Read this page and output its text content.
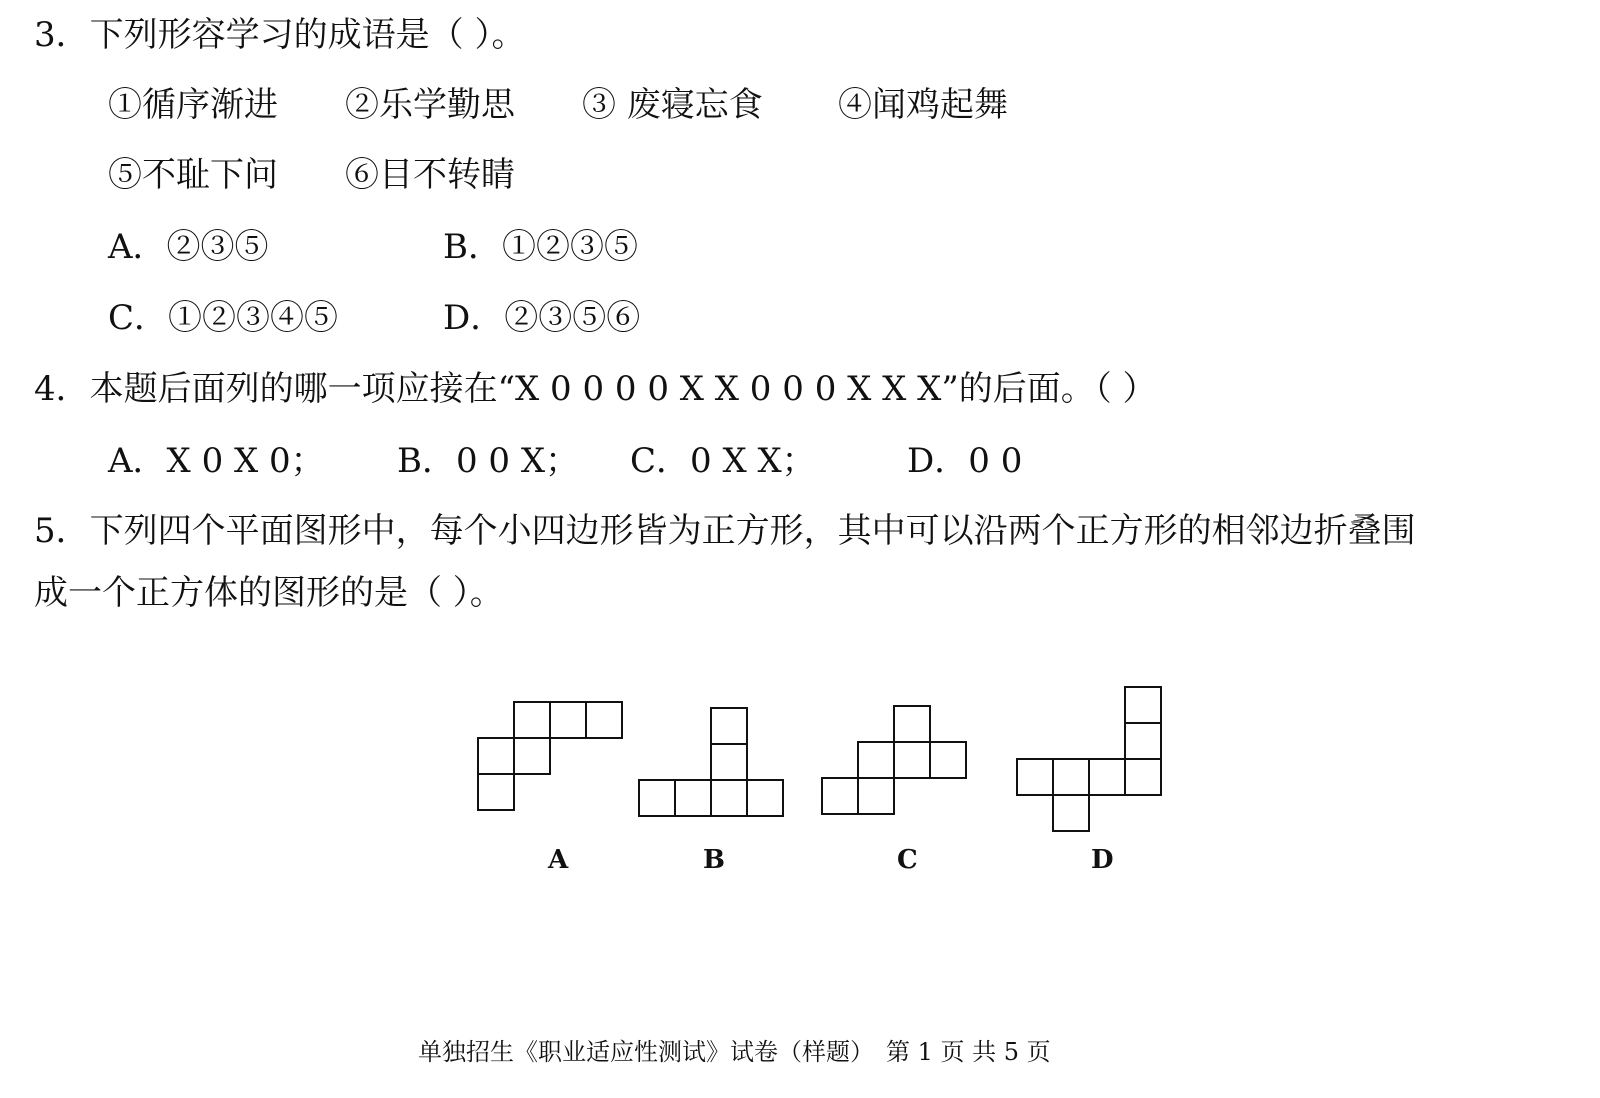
3．下列形容学习的成语是（ ）。
①循序渐进 ②乐学勤思 ③ 废寝忘食 ④闻鸡起舞
⑤不耻下问 ⑥目不转睛
A．②③⑤	B．①②③⑤
C．①②③④⑤	D．②③⑤⑥
4．本题后面列的哪一项应接在“X 0 0 0 0 X X 0 0 0 X X X”的后面。（ ）
A．X 0 X 0； B．0 0 X； C．0 X X；	D．0 0
5．下列四个平面图形中，每个小四边形皆为正方形，其中可以沿两个正方形的相邻边折叠围
成一个正方体的图形的是（ ）。
A	B	C	D
单独招生《职业适应性测试》试卷（样题）　第 1 页 共 5 页
